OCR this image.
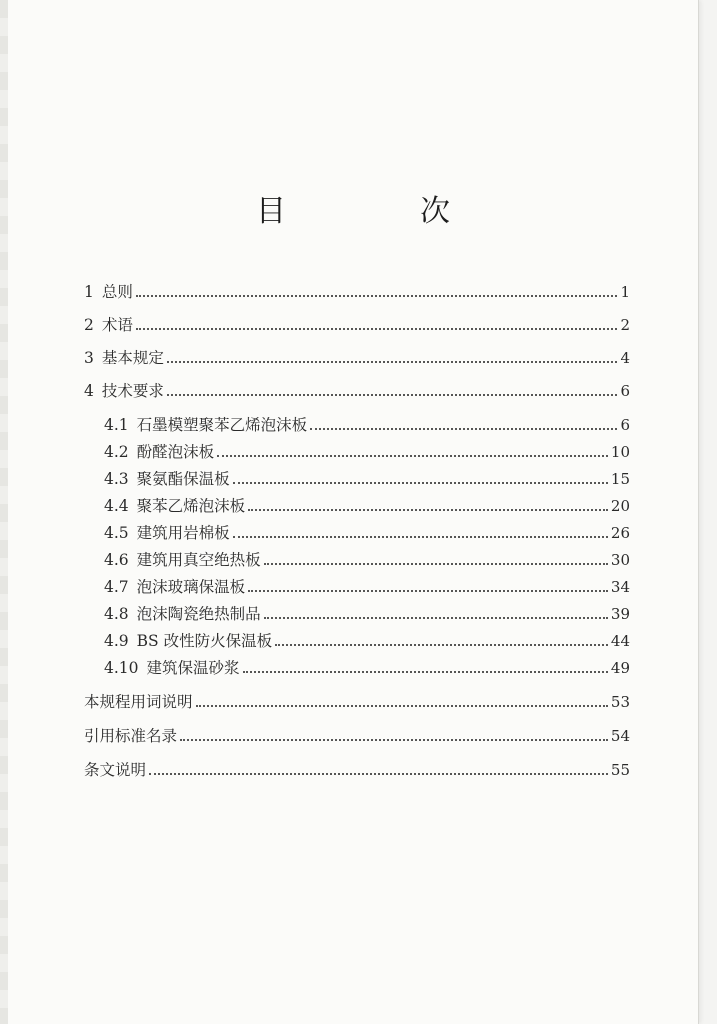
目　次
1 总则	1
2 术语	2
3 基本规定	4
4 技术要求	6
4.1 石墨模塑聚苯乙烯泡沫板	6
4.2 酚醛泡沫板	10
4.3 聚氨酯保温板	15
4.4 聚苯乙烯泡沫板	20
4.5 建筑用岩棉板	26
4.6 建筑用真空绝热板	30
4.7 泡沫玻璃保温板	34
4.8 泡沫陶瓷绝热制品	39
4.9 BS 改性防火保温板	44
4.10 建筑保温砂浆	49
本规程用词说明	53
引用标准名录	54
条文说明	55
